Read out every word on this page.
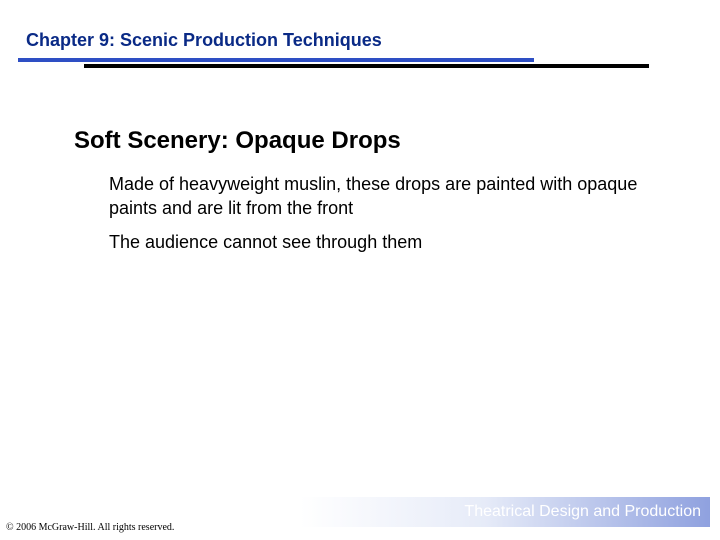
Chapter 9: Scenic Production Techniques
Soft Scenery: Opaque Drops
Made of heavyweight muslin, these drops are painted with opaque paints and are lit from the front
The audience cannot see through them
Theatrical Design and Production
© 2006 McGraw-Hill. All rights reserved.
